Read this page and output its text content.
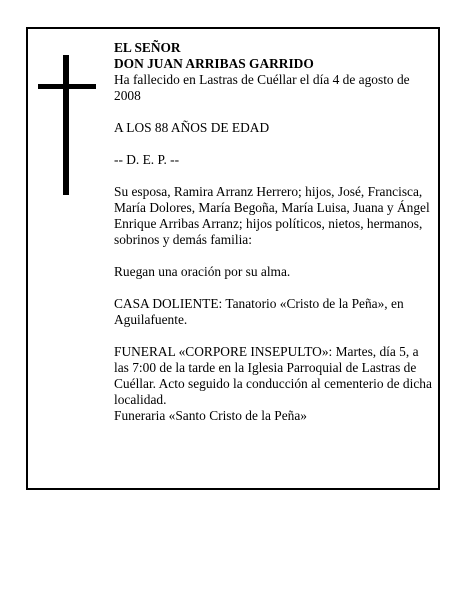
EL SEÑOR

DON JUAN ARRIBAS GARRIDO

Ha fallecido en Lastras de Cuéllar el día 4 de agosto de 2008

A LOS 88 AÑOS DE EDAD

-- D. E. P. --

Su esposa, Ramira Arranz Herrero; hijos, José, Francisca, María Dolores, María Begoña, María Luisa, Juana y Ángel Enrique Arribas Arranz; hijos políticos, nietos, hermanos, sobrinos y demás familia:

Ruegan una oración por su alma.

CASA DOLIENTE: Tanatorio «Cristo de la Peña», en Aguilafuente.

FUNERAL «CORPORE INSEPULTO»: Martes, día 5, a las 7:00 de la tarde en la Iglesia Parroquial de Lastras de Cuéllar. Acto seguido la conducción al cementerio de dicha localidad.

Funeraria «Santo Cristo de la Peña»
